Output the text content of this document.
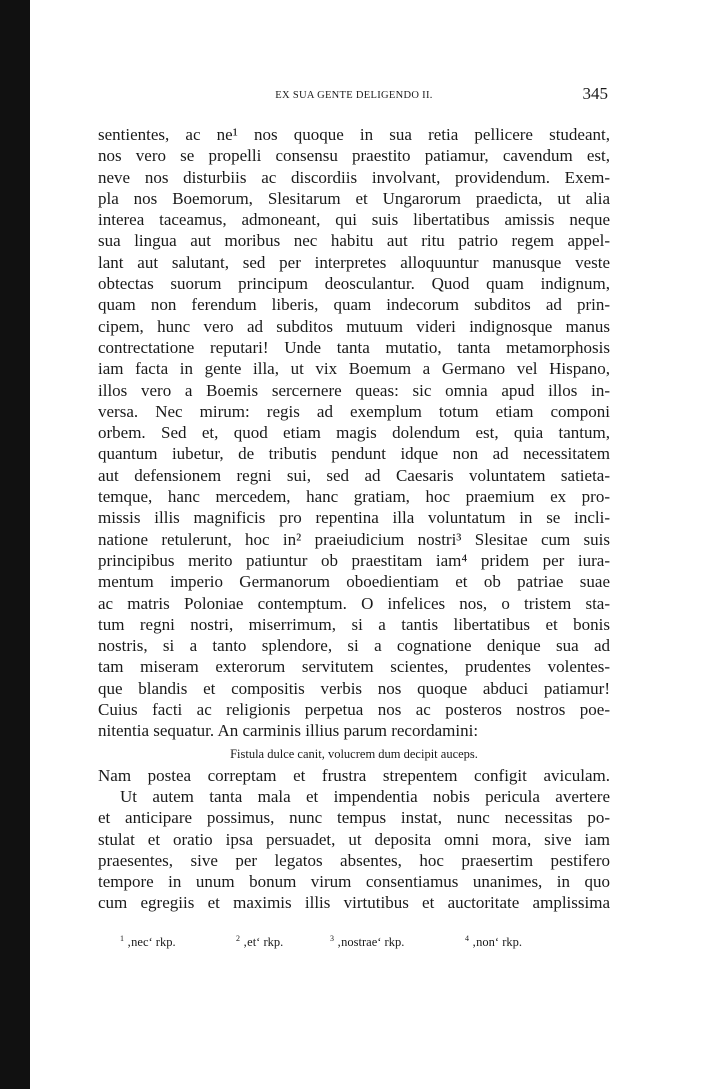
EX SUA GENTE DELIGENDO II.	345
sentientes, ac ne¹ nos quoque in sua retia pellicere studeant,
nos vero se propelli consensu praestito patiamur, cavendum est,
neve nos disturbiis ac discordiis involvant, providendum. Exem-
pla nos Boemorum, Slesitarum et Ungarorum praedicta, ut alia
interea taceamus, admoneant, qui suis libertatibus amissis neque
sua lingua aut moribus nec habitu aut ritu patrio regem appel-
lant aut salutant, sed per interpretes alloquuntur manusque veste
obtectas suorum principum deosculantur. Quod quam indignum,
quam non ferendum liberis, quam indecorum subditos ad prin-
cipem, hunc vero ad subditos mutuum videri indignosque manus
contrectatione reputari! Unde tanta mutatio, tanta metamorphosis
iam facta in gente illa, ut vix Boemum a Germano vel Hispano,
illos vero a Boemis sercernere queas: sic omnia apud illos in-
versa. Nec mirum: regis ad exemplum totum etiam componi
orbem. Sed et, quod etiam magis dolendum est, quia tantum,
quantum iubetur, de tributis pendunt idque non ad necessitatem
aut defensionem regni sui, sed ad Caesaris voluntatem satieta-
temque, hanc mercedem, hanc gratiam, hoc praemium ex pro-
missis illis magnificis pro repentina illa voluntatum in se incli-
natione retulerunt, hoc in² praeiudicium nostri³ Slesitae cum suis
principibus merito patiuntur ob praestitam iam⁴ pridem per iura-
mentum imperio Germanorum oboedientiam et ob patriae suae
ac matris Poloniae contemptum. O infelices nos, o tristem sta-
tum regni nostri, miserrimum, si a tantis libertatibus et bonis
nostris, si a tanto splendore, si a cognatione denique sua ad
tam miseram exterorum servitutem scientes, prudentes volentes-
que blandis et compositis verbis nos quoque abduci patiamur!
Cuius facti ac religionis perpetua nos ac posteros nostros poe-
nitentia sequatur. An carminis illius parum recordamini:
Fistula dulce canit, volucrem dum decipit auceps.
Nam postea correptam et frustra strepentem configit aviculam.
Ut autem tanta mala et impendentia nobis pericula avertere
et anticipare possimus, nunc tempus instat, nunc necessitas po-
stulat et oratio ipsa persuadet, ut deposita omni mora, sive iam
praesentes, sive per legatos absentes, hoc praesertim pestifero
tempore in unum bonum virum consentiamus unanimes, in quo
cum egregiis et maximis illis virtutibus et auctoritate amplissima
$^1$ ‚nec‘ rkp.	$^2$ ‚et‘ rkp.	$^3$ ‚nostrae‘ rkp.	$^4$ ‚non‘ rkp.
